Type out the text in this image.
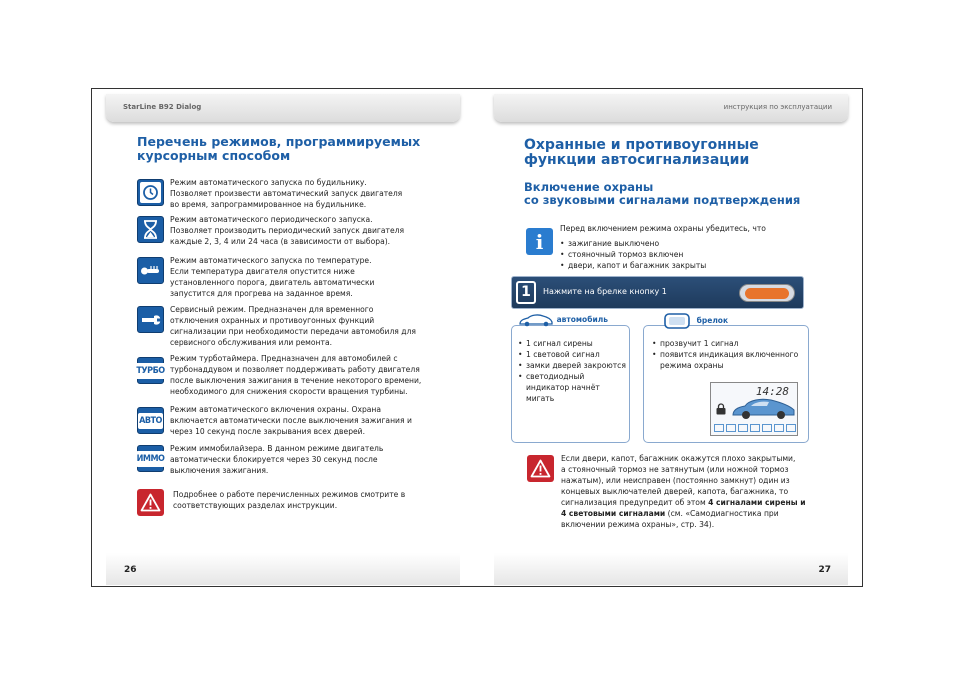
StarLine B92 Dialog
Перечень режимов, программируемых
курсорным способом
Режим автоматического запуска по будильнику.
Позволяет произвести автоматический запуск двигателя
во время, запрограммированное на будильнике.
Режим автоматического периодического запуска.
Позволяет производить периодический запуск двигателя
каждые 2, 3, 4 или 24 часа (в зависимости от выбора).
Режим автоматического запуска по температуре.
Если температура двигателя опустится ниже
установленного порога, двигатель автоматически
запустится для прогрева на заданное время.
Сервисный режим. Предназначен для временного
отключения охранных и противоугонных функций
сигнализации при необходимости передачи автомобиля для
сервисного обслуживания или ремонта.
ТУРБО
Режим турботаймера. Предназначен для автомобилей с
турбонаддувом и позволяет поддерживать работу двигателя
после выключения зажигания в течение некоторого времени,
необходимого для снижения скорости вращения турбины.
АВТО
Режим автоматического включения охраны. Охрана
включается автоматически после выключения зажигания и
через 10 секунд после закрывания всех дверей.
ИММО
Режим иммобилайзера. В данном режиме двигатель
автоматически блокируется через 30 секунд после
выключения зажигания.
Подробнее о работе перечисленных режимов смотрите в
соответствующих разделах инструкции.
26
инструкция по эксплуатации
Охранные и противоугонные
функции автосигнализации
Включение охраны
со звуковыми сигналами подтверждения
i
Перед включением режима охраны убедитесь, что
• зажигание выключено
• стояночный тормоз включен
• двери, капот и багажник закрыты
1	Нажмите на брелке кнопку 1
автомобиль
• 1 сигнал сирены
• 1 световой сигнал
• замки дверей закроются
• светодиодный индикатор начнёт мигать
брелок
• прозвучит 1 сигнал
• появится индикация включенного режима охраны
14:28
Если двери, капот, багажник окажутся плохо закрытыми,
а стояночный тормоз не затянутым (или ножной тормоз
нажатым), или неисправен (постоянно замкнут) один из
концевых выключателей дверей, капота, багажника, то
сигнализация предупредит об этом 4 сигналами сирены и
4 световыми сигналами (см. «Самодиагностика при
включении режима охраны», стр. 34).
27
